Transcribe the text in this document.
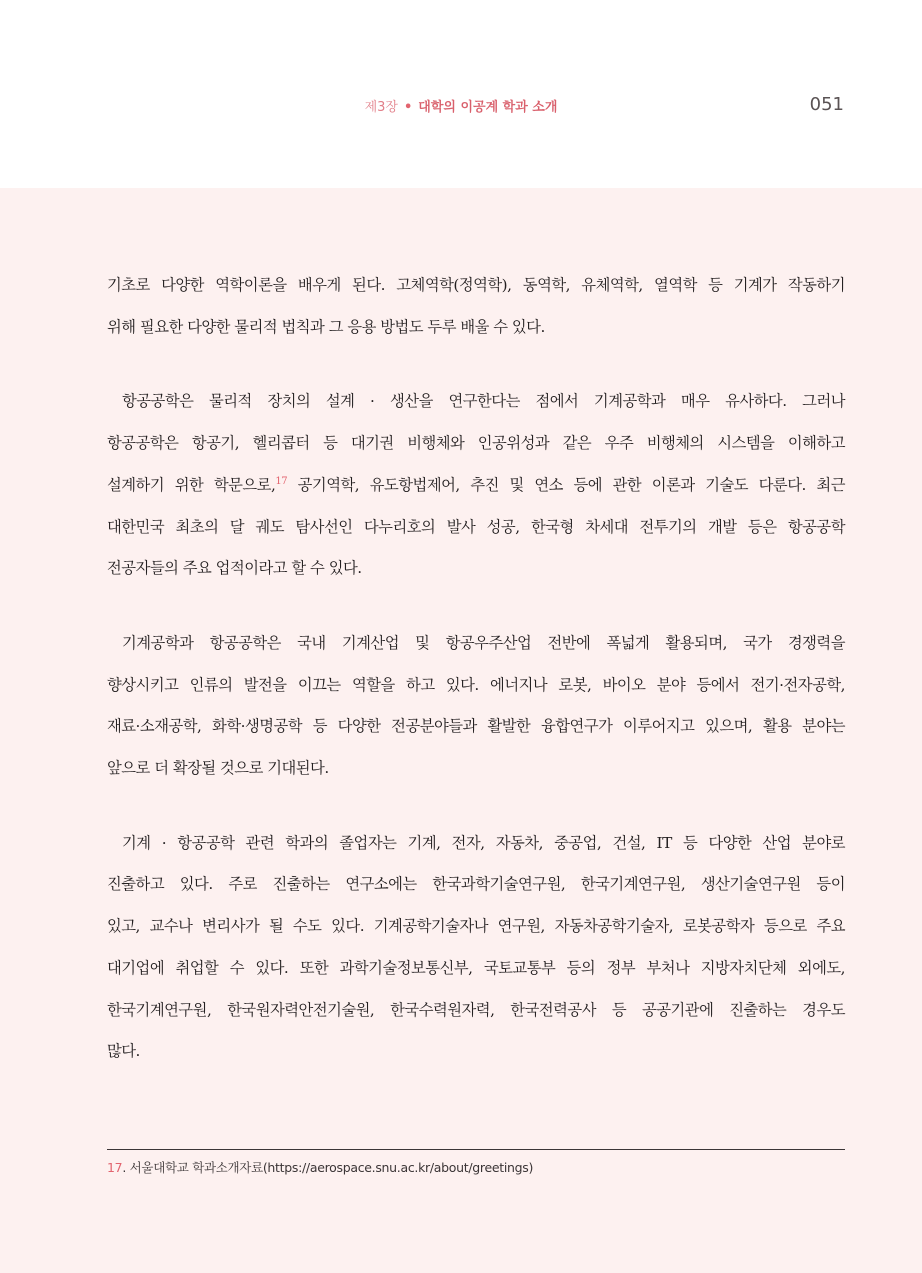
제3장 • 대학의 이공계 학과 소개	051

기초로 다양한 역학이론을 배우게 된다. 고체역학(정역학), 동역학, 유체역학, 열역학 등 기계가 작동하기
위해 필요한 다양한 물리적 법칙과 그 응용 방법도 두루 배울 수 있다.

항공공학은 물리적 장치의 설계 · 생산을 연구한다는 점에서 기계공학과 매우 유사하다. 그러나
항공공학은 항공기, 헬리콥터 등 대기권 비행체와 인공위성과 같은 우주 비행체의 시스템을 이해하고
설계하기 위한 학문으로,$^{17}$ 공기역학, 유도항법제어, 추진 및 연소 등에 관한 이론과 기술도 다룬다. 최근
대한민국 최초의 달 궤도 탐사선인 다누리호의 발사 성공, 한국형 차세대 전투기의 개발 등은 항공공학
전공자들의 주요 업적이라고 할 수 있다.

기계공학과 항공공학은 국내 기계산업 및 항공우주산업 전반에 폭넓게 활용되며, 국가 경쟁력을
향상시키고 인류의 발전을 이끄는 역할을 하고 있다. 에너지나 로봇, 바이오 분야 등에서 전기·전자공학,
재료·소재공학, 화학·생명공학 등 다양한 전공분야들과 활발한 융합연구가 이루어지고 있으며, 활용 분야는
앞으로 더 확장될 것으로 기대된다.

기계 · 항공공학 관련 학과의 졸업자는 기계, 전자, 자동차, 중공업, 건설, IT 등 다양한 산업 분야로
진출하고 있다. 주로 진출하는 연구소에는 한국과학기술연구원, 한국기계연구원, 생산기술연구원 등이
있고, 교수나 변리사가 될 수도 있다. 기계공학기술자나 연구원, 자동차공학기술자, 로봇공학자 등으로 주요
대기업에 취업할 수 있다. 또한 과학기술정보통신부, 국토교통부 등의 정부 부처나 지방자치단체 외에도,
한국기계연구원, 한국원자력안전기술원, 한국수력원자력, 한국전력공사 등 공공기관에 진출하는 경우도
많다.

17. 서울대학교 학과소개자료(https://aerospace.snu.ac.kr/about/greetings)
